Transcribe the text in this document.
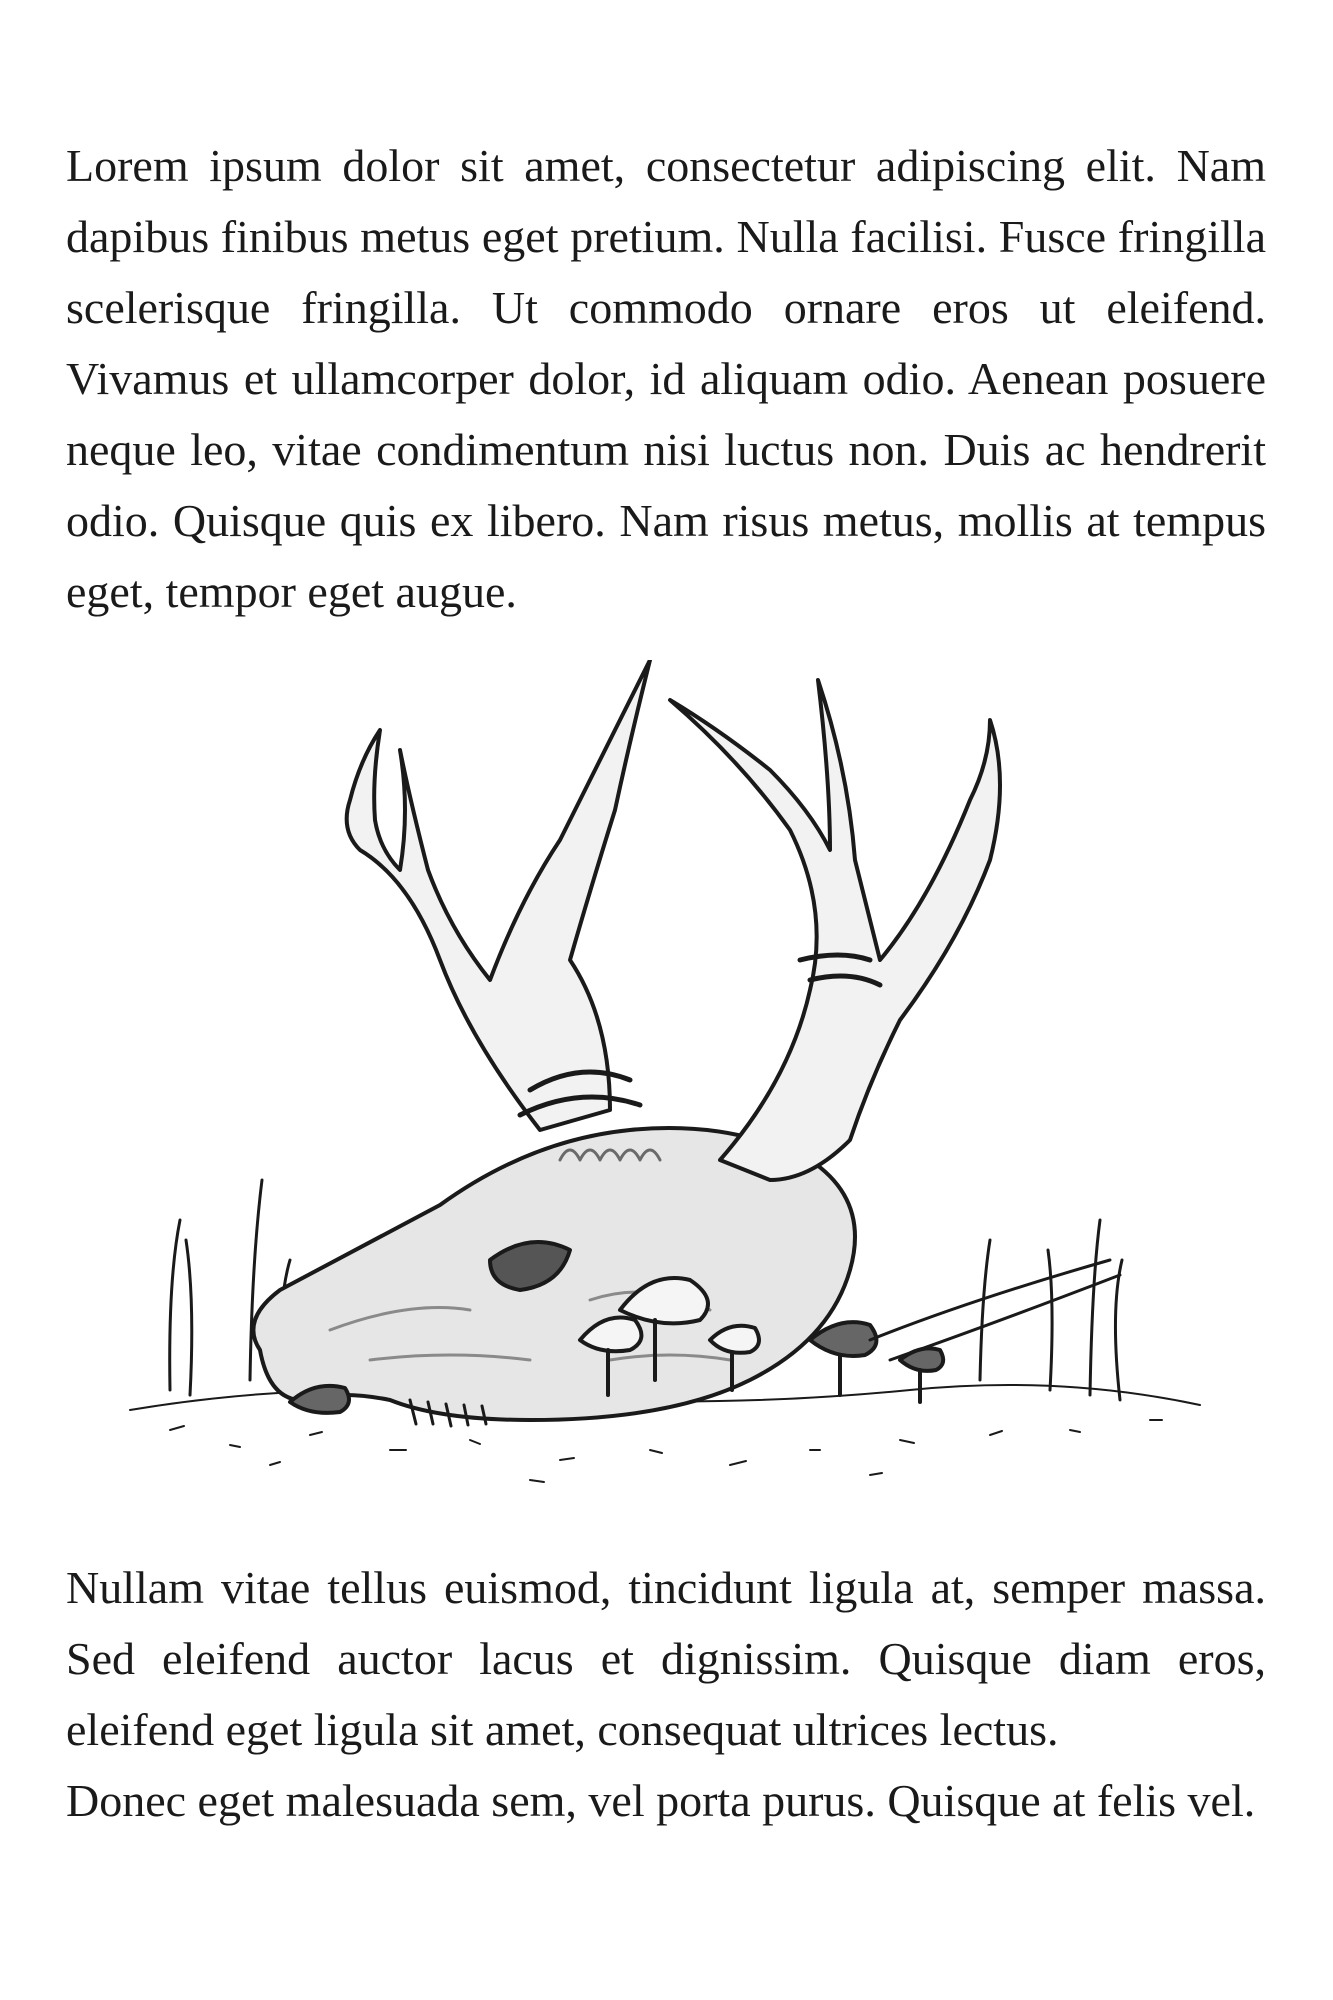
Lorem ipsum dolor sit amet, consectetur adipiscing elit. Nam dapibus finibus metus eget pretium. Nulla facilisi. Fusce fringilla scelerisque fringilla. Ut commodo ornare eros ut eleifend. Vivamus et ullamcorper dolor, id aliquam odio. Aenean posuere neque leo, vitae condimentum nisi luctus non. Duis ac hendrerit odio. Quisque quis ex libero. Nam risus metus, mollis at tempus eget, tempor eget augue.

Nullam vitae tellus euismod, tincidunt ligula at, semper massa. Sed eleifend auctor lacus et dignissim. Quisque diam eros, eleifend eget ligula sit amet, consequat ultrices lectus.

Donec eget malesuada sem, vel porta purus. Quisque at felis vel.
